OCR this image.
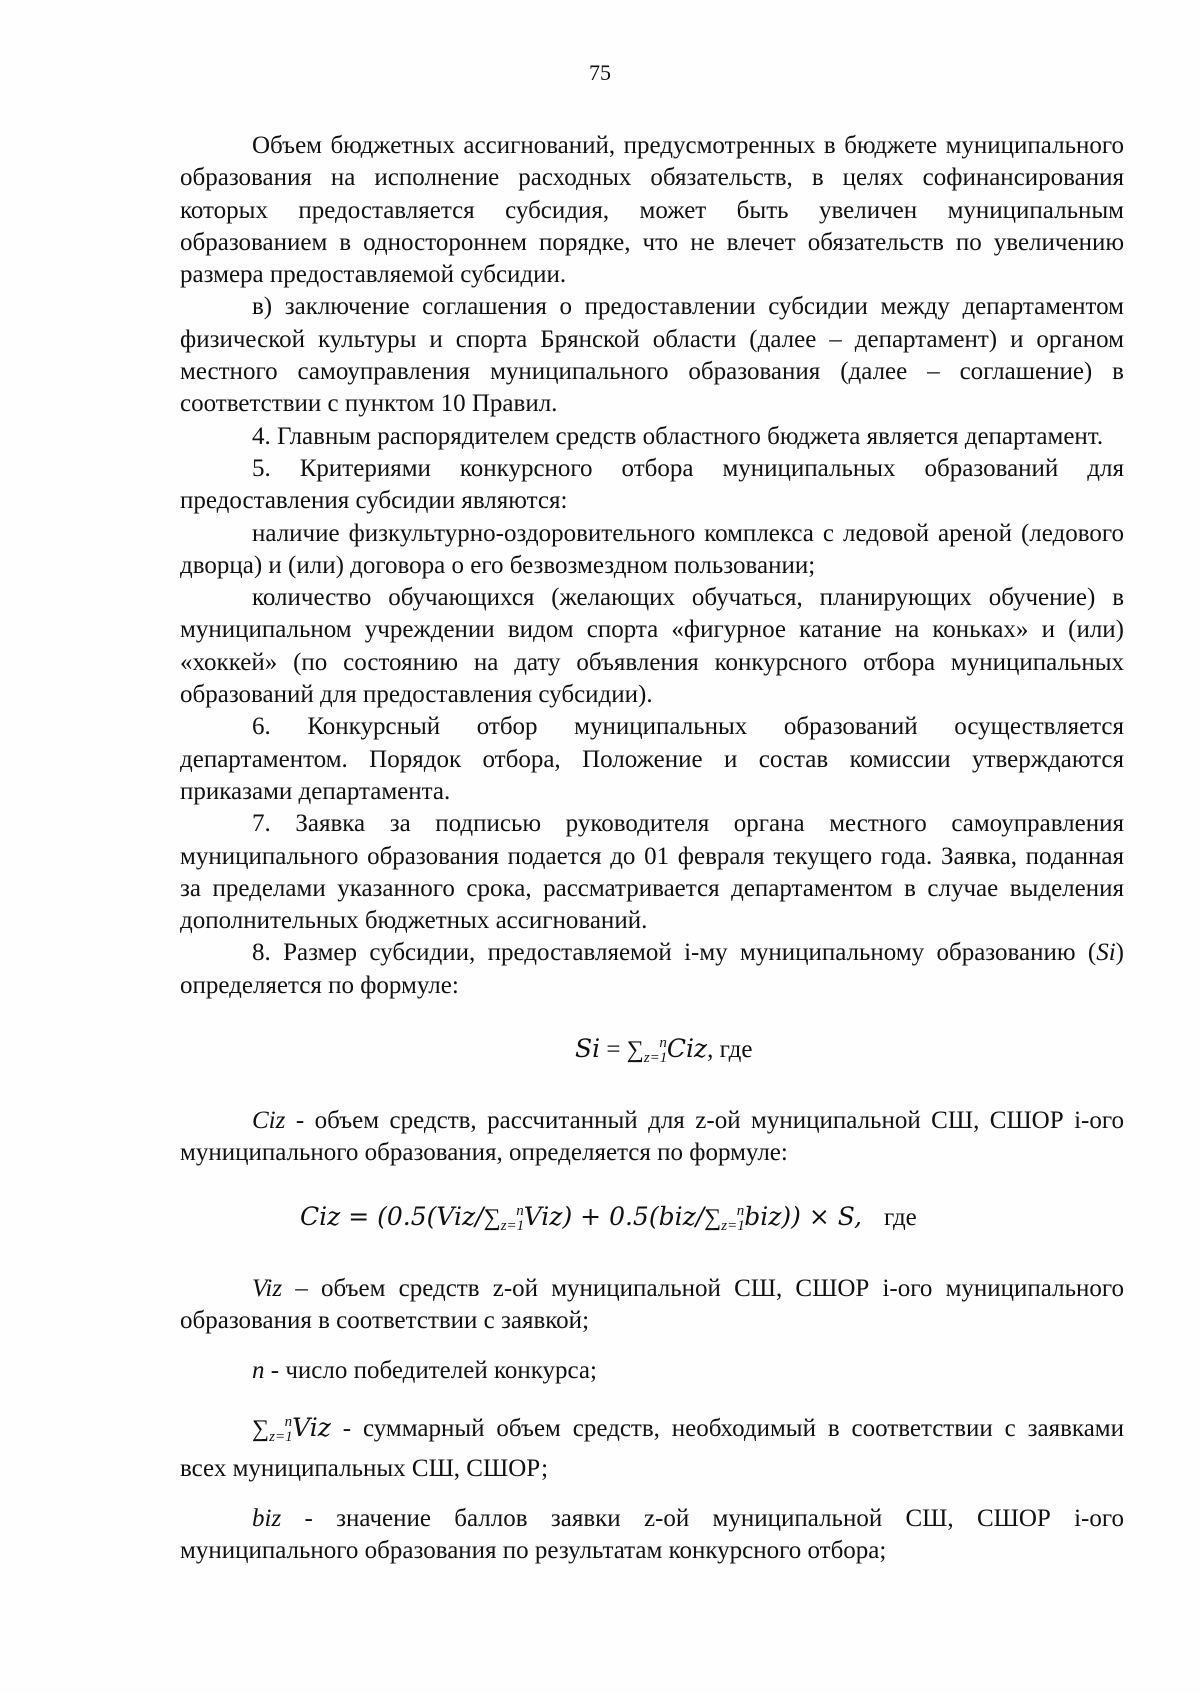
75

Объем бюджетных ассигнований, предусмотренных в бюджете муниципального образования на исполнение расходных обязательств, в целях софинансирования которых предоставляется субсидия, может быть увеличен муниципальным образованием в одностороннем порядке, что не влечет обязательств по увеличению размера предоставляемой субсидии.

в) заключение соглашения о предоставлении субсидии между департаментом физической культуры и спорта Брянской области (далее – департамент) и органом местного самоуправления муниципального образования (далее – соглашение) в соответствии с пунктом 10 Правил.

4. Главным распорядителем средств областного бюджета является департамент.

5. Критериями конкурсного отбора муниципальных образований для предоставления субсидии являются:

наличие физкультурно-оздоровительного комплекса с ледовой ареной (ледового дворца) и (или) договора о его безвозмездном пользовании;

количество обучающихся (желающих обучаться, планирующих обучение) в муниципальном учреждении видом спорта «фигурное катание на коньках» и (или) «хоккей» (по состоянию на дату объявления конкурсного отбора муниципальных образований для предоставления субсидии).

6. Конкурсный отбор муниципальных образований осуществляется департаментом. Порядок отбора, Положение и состав комиссии утверждаются приказами департамента.

7. Заявка за подписью руководителя органа местного самоуправления муниципального образования подается до 01 февраля текущего года. Заявка, поданная за пределами указанного срока, рассматривается департаментом в случае выделения дополнительных бюджетных ассигнований.

8. Размер субсидии, предоставляемой i-му муниципальному образованию (Si) определяется по формуле:

$Si = \sum_{z=1}^nCiz$, где

Ciz - объем средств, рассчитанный для z-ой муниципальной СШ, СШОР i-ого муниципального образования, определяется по формуле:

Ciz = $(0.5(Viz/\sum_{z=1}^nViz) + 0.5(biz/\sum_{z=1}^nbiz)) \times S$, где

Viz – объем средств z-ой муниципальной СШ, СШОР i-ого муниципального образования в соответствии с заявкой;

n - число победителей конкурса;

$\sum_{z=1}^nViz$ - суммарный объем средств, необходимый в соответствии с заявками всех муниципальных СШ, СШОР;

biz - значение баллов заявки z-ой муниципальной СШ, СШОР i-ого муниципального образования по результатам конкурсного отбора;
